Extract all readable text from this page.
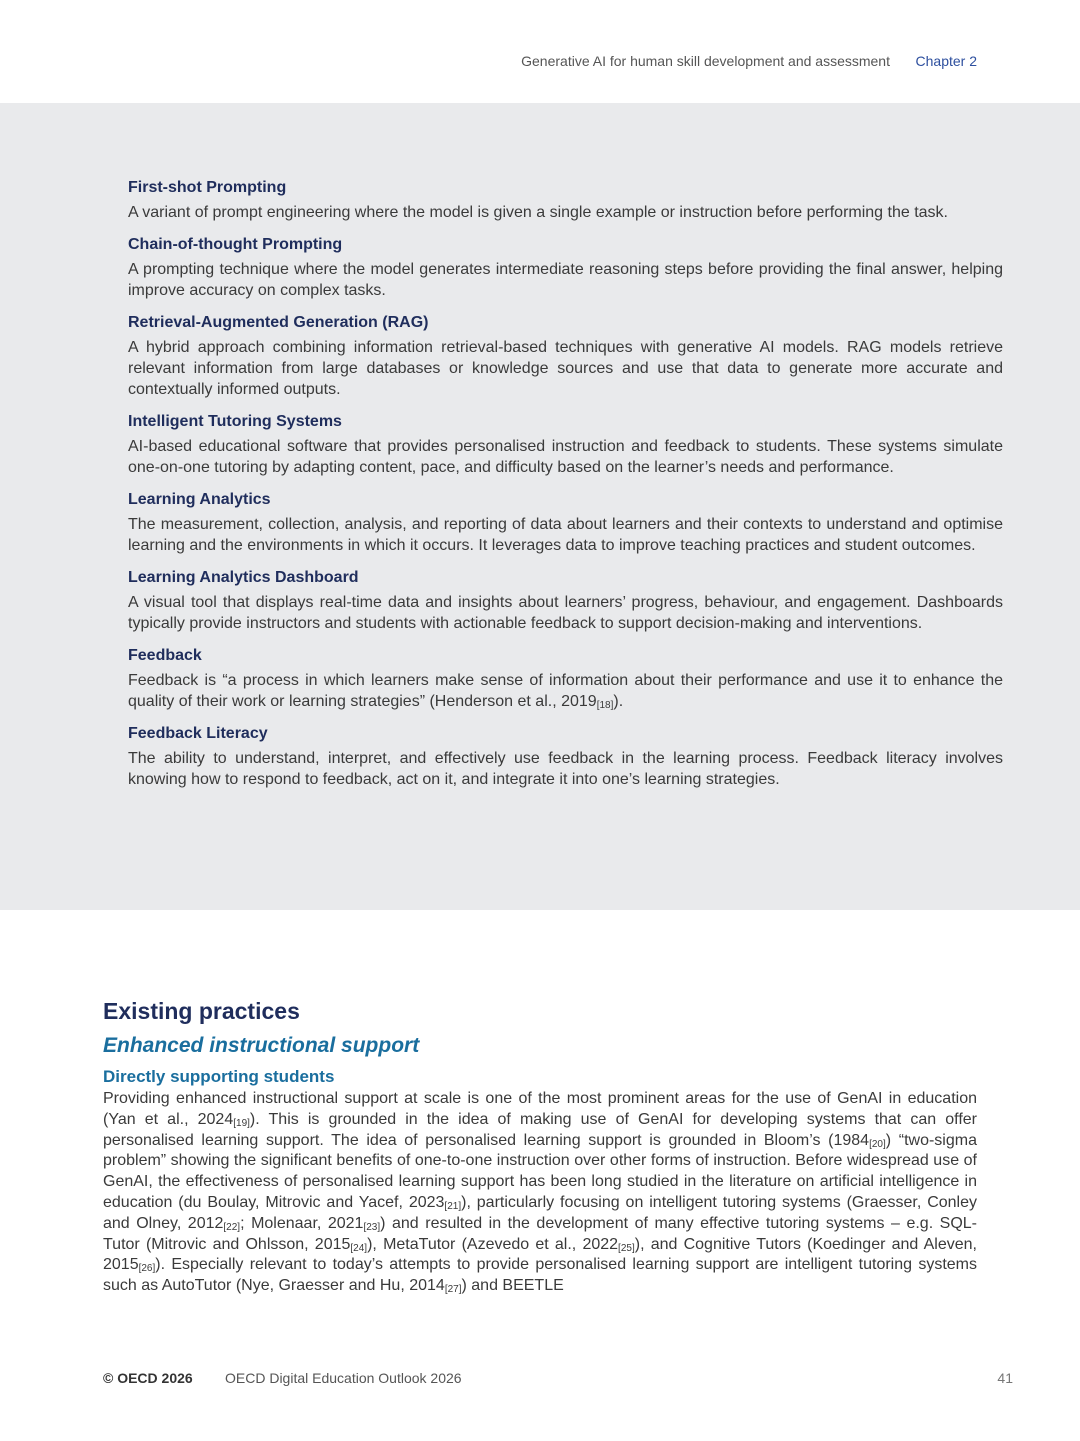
Generative AI for human skill development and assessment Chapter 2
First-shot Prompting
A variant of prompt engineering where the model is given a single example or instruction before performing the task.
Chain-of-thought Prompting
A prompting technique where the model generates intermediate reasoning steps before providing the final answer, helping improve accuracy on complex tasks.
Retrieval-Augmented Generation (RAG)
A hybrid approach combining information retrieval-based techniques with generative AI models. RAG models retrieve relevant information from large databases or knowledge sources and use that data to generate more accurate and contextually informed outputs.
Intelligent Tutoring Systems
AI-based educational software that provides personalised instruction and feedback to students. These systems simulate one-on-one tutoring by adapting content, pace, and difficulty based on the learner’s needs and performance.
Learning Analytics
The measurement, collection, analysis, and reporting of data about learners and their contexts to understand and optimise learning and the environments in which it occurs. It leverages data to improve teaching practices and student outcomes.
Learning Analytics Dashboard
A visual tool that displays real-time data and insights about learners’ progress, behaviour, and engagement. Dashboards typically provide instructors and students with actionable feedback to support decision-making and interventions.
Feedback
Feedback is “a process in which learners make sense of information about their performance and use it to enhance the quality of their work or learning strategies” (Henderson et al., $2019_{[18]}$).
Feedback Literacy
The ability to understand, interpret, and effectively use feedback in the learning process. Feedback literacy involves knowing how to respond to feedback, act on it, and integrate it into one’s learning strategies.
Existing practices
Enhanced instructional support
Directly supporting students
Providing enhanced instructional support at scale is one of the most prominent areas for the use of GenAI in education (Yan et al., $2024_{[19]}$). This is grounded in the idea of making use of GenAI for developing systems that can offer personalised learning support. The idea of personalised learning support is grounded in Bloom’s $(1984_{[20]})$ “two-sigma problem” showing the significant benefits of one-to-one instruction over other forms of instruction. Before widespread use of GenAI, the effectiveness of personalised learning support has been long studied in the literature on artificial intelligence in education (du Boulay, Mitrovic and Yacef, $2023_{[21]}$), particularly focusing on intelligent tutoring systems (Graesser, Conley and Olney, $2012_{[22]}$; Molenaar, $2021_{[23]}$) and resulted in the development of many effective tutoring systems – e.g. SQL-Tutor (Mitrovic and Ohlsson, $2015_{[24]}$), MetaTutor (Azevedo et al., $2022_{[25]}$), and Cognitive Tutors (Koedinger and Aleven, $2015_{[26]}$). Especially relevant to today’s attempts to provide personalised learning support are intelligent tutoring systems such as AutoTutor (Nye, Graesser and Hu, $2014_{[27]}$) and BEETLE
© OECD 2026 OECD Digital Education Outlook 2026	41
